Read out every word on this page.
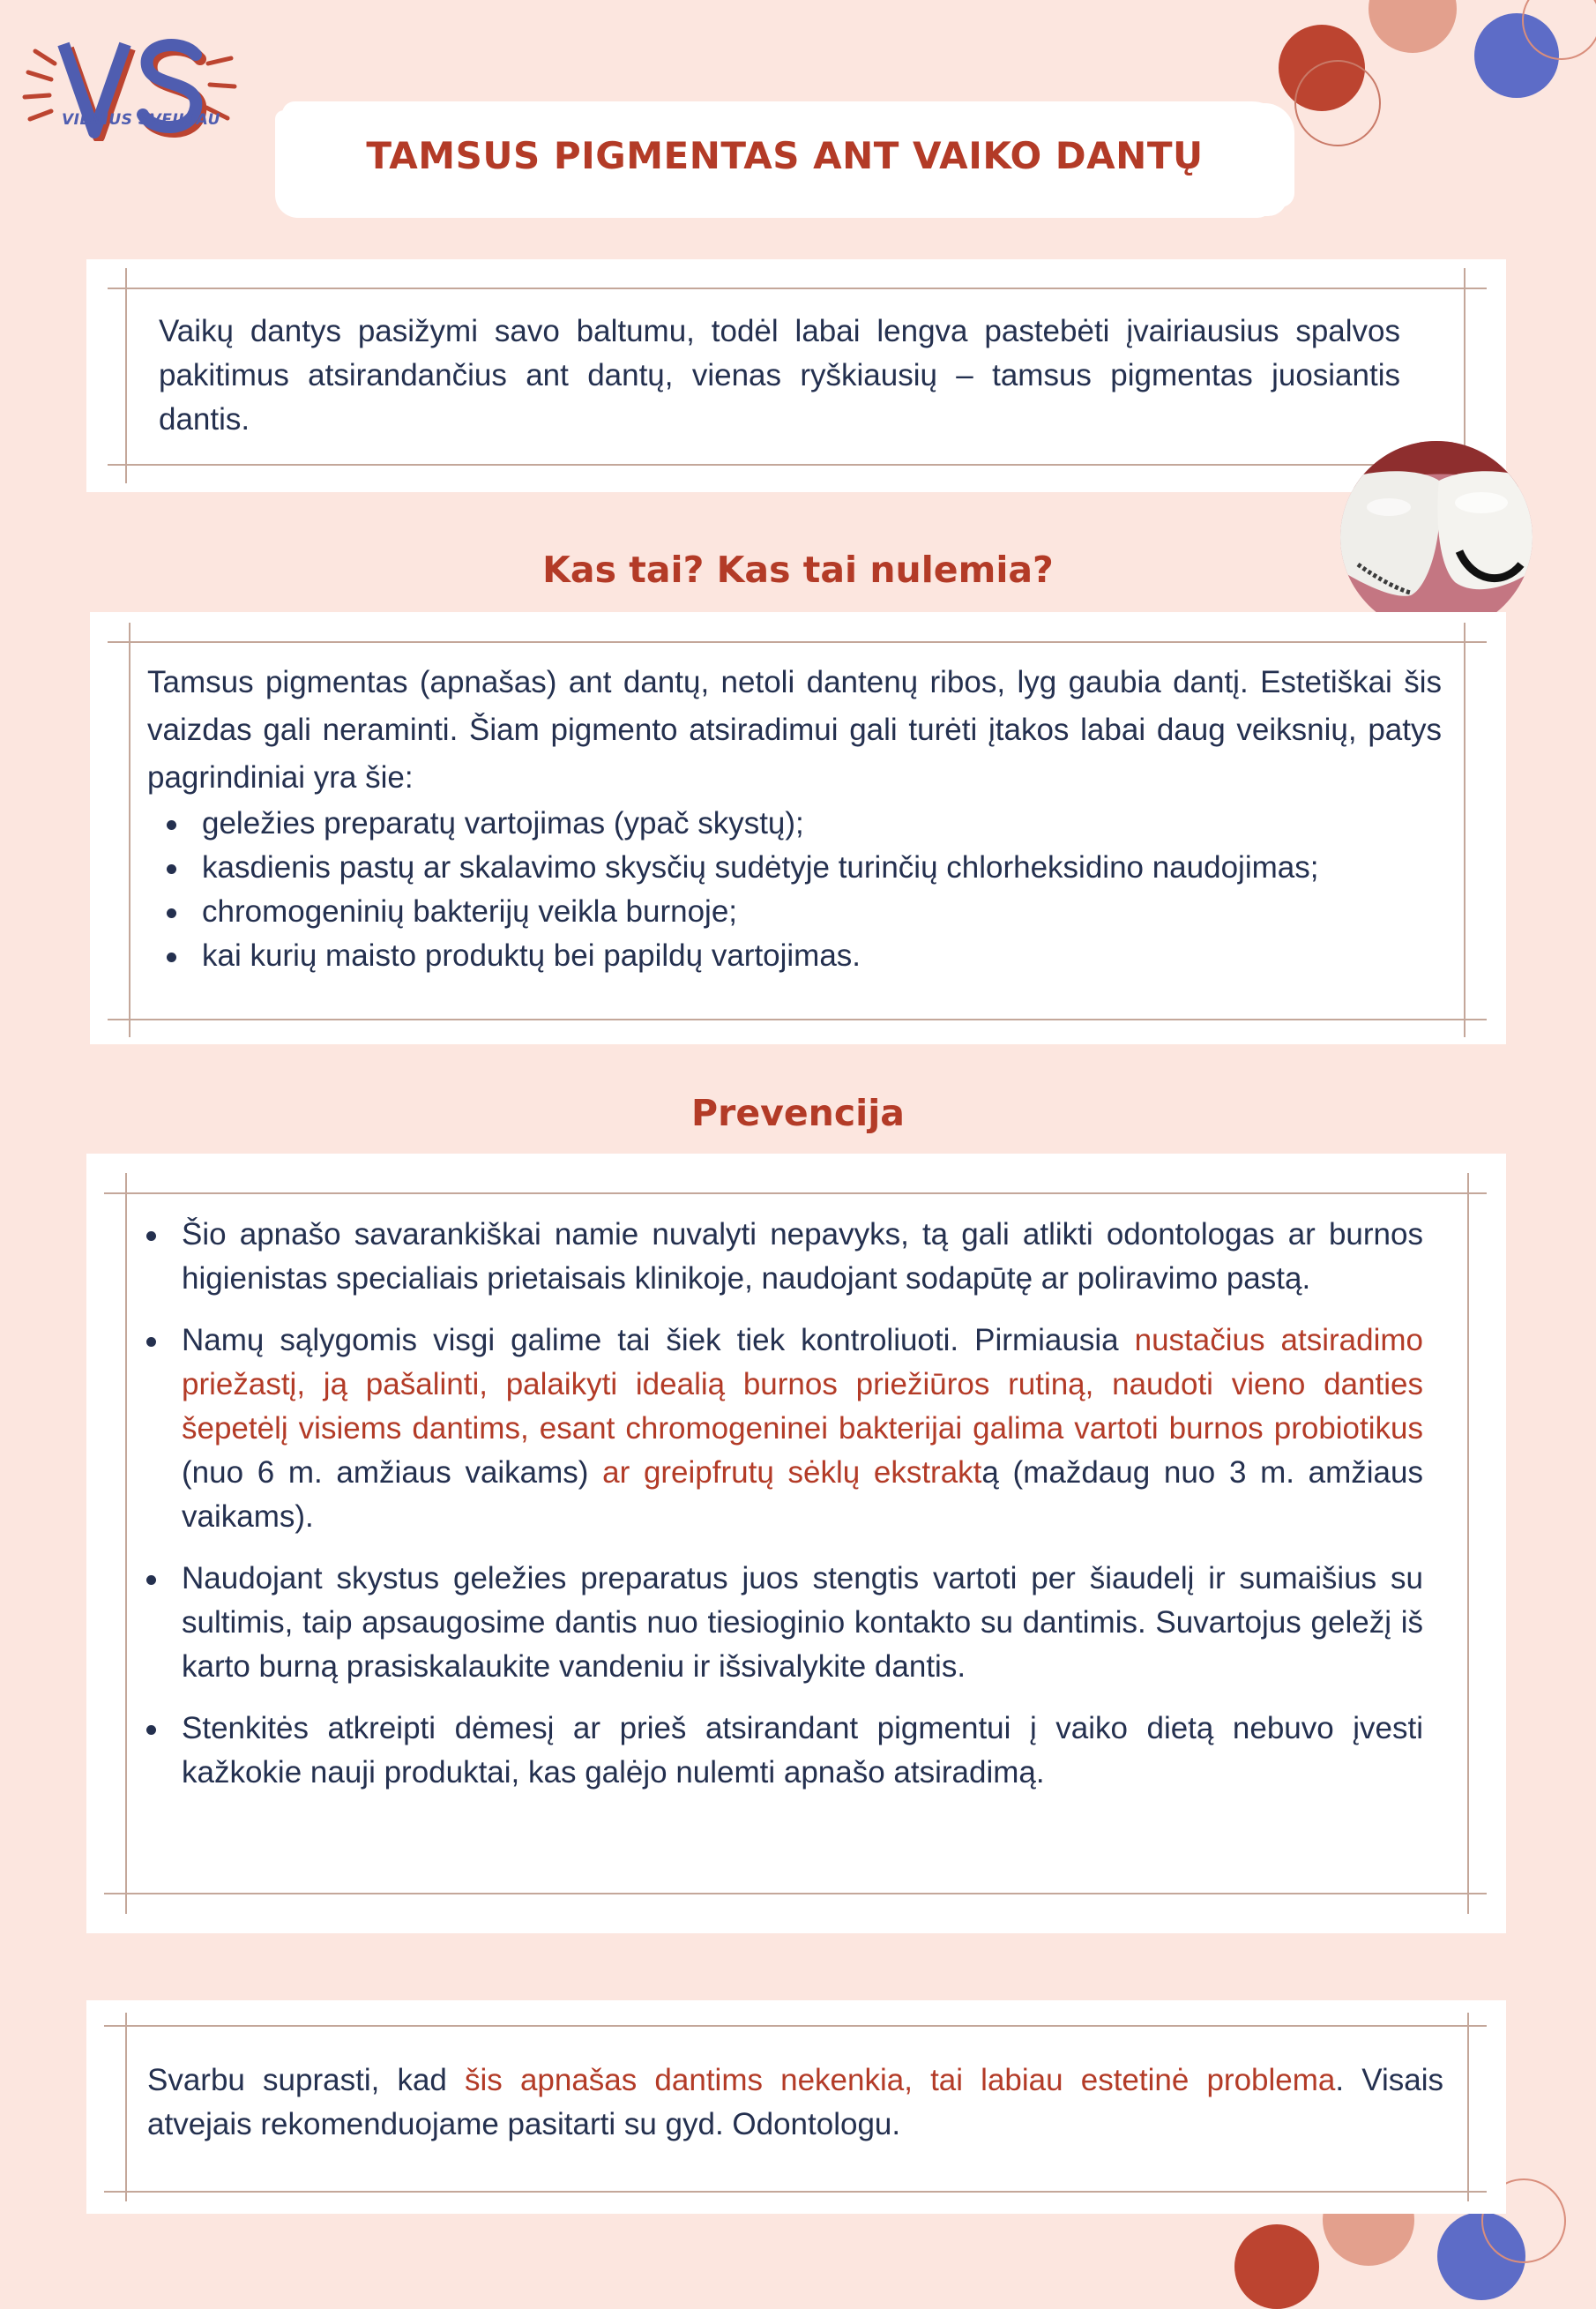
VILNIUS SVEIKIAU
TAMSUS PIGMENTAS ANT VAIKO DANTŲ
Vaikų dantys pasižymi savo baltumu, todėl labai lengva pastebėti įvairiausius spalvos pakitimus atsirandančius ant dantų, vienas ryškiausių – tamsus pigmentas juosiantis dantis.
Kas tai? Kas tai nulemia?
Tamsus pigmentas (apnašas) ant dantų, netoli dantenų ribos, lyg gaubia dantį. Estetiškai šis vaizdas gali neraminti. Šiam pigmento atsiradimui gali turėti įtakos labai daug veiksnių, patys pagrindiniai yra šie:
geležies preparatų vartojimas (ypač skystų);
kasdienis pastų ar skalavimo skysčių sudėtyje turinčių chlorheksidino naudojimas;
chromogeninių bakterijų veikla burnoje;
kai kurių maisto produktų bei papildų vartojimas.
Prevencija
Šio apnašo savarankiškai namie nuvalyti nepavyks, tą gali atlikti odontologas ar burnos higienistas specialiais prietaisais klinikoje, naudojant sodapūtę ar poliravimo pastą.
Namų sąlygomis visgi galime tai šiek tiek kontroliuoti. Pirmiausia nustačius atsiradimo priežastį, ją pašalinti, palaikyti idealią burnos priežiūros rutiną, naudoti vieno danties šepetėlį visiems dantims, esant chromogeninei bakterijai galima vartoti burnos probiotikus (nuo 6 m. amžiaus vaikams) ar greipfrutų sėklų ekstraktą (maždaug nuo 3 m. amžiaus vaikams).
Naudojant skystus geležies preparatus juos stengtis vartoti per šiaudelį ir sumaišius su sultimis, taip apsaugosime dantis nuo tiesioginio kontakto su dantimis. Suvartojus geležį iš karto burną prasiskalaukite vandeniu ir išsivalykite dantis.
Stenkitės atkreipti dėmesį ar prieš atsirandant pigmentui į vaiko dietą nebuvo įvesti kažkokie nauji produktai, kas galėjo nulemti apnašo atsiradimą.
Svarbu suprasti, kad šis apnašas dantims nekenkia, tai labiau estetinė problema. Visais atvejais rekomenduojame pasitarti su gyd. Odontologu.
